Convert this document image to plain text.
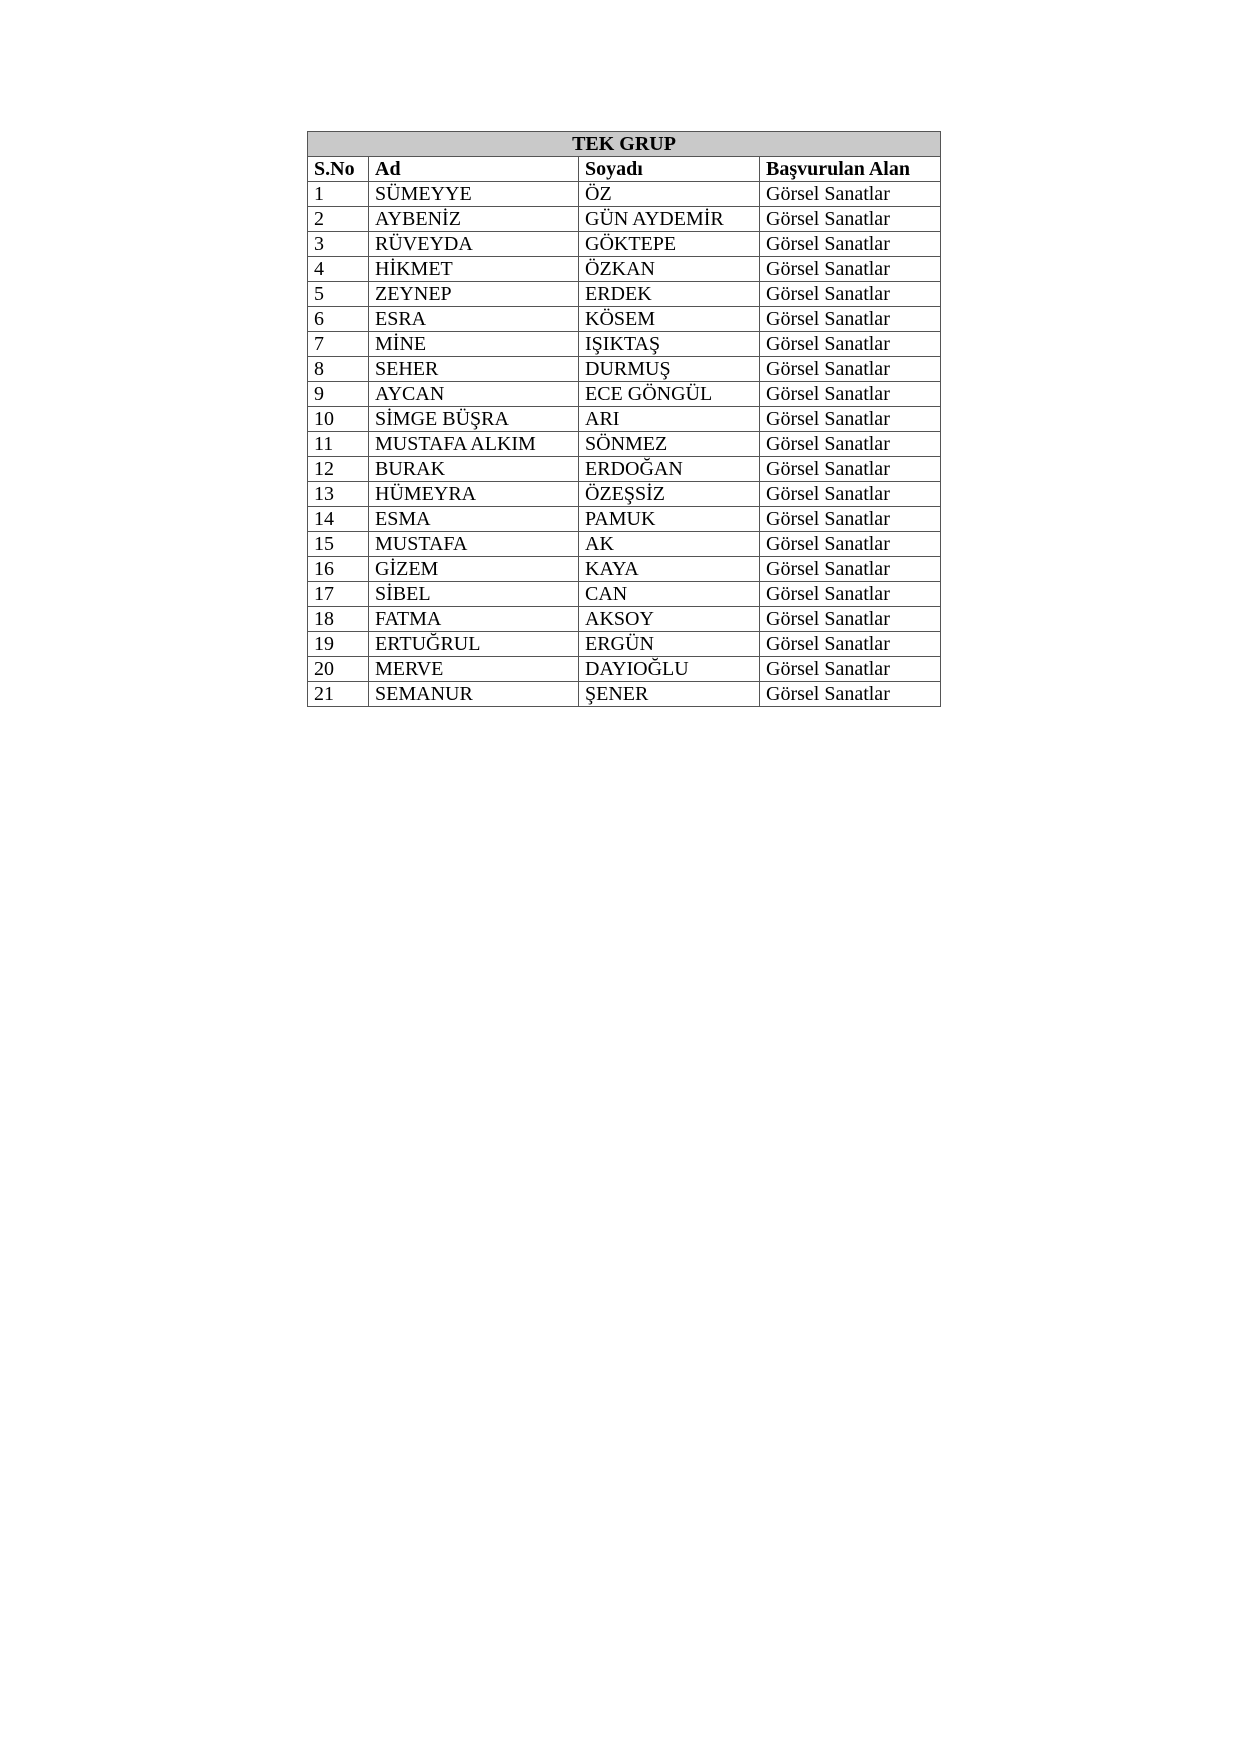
TEK GRUP			
S.No	Ad	Soyadı	Başvurulan Alan
1	SÜMEYYE	ÖZ	Görsel Sanatlar
2	AYBENİZ	GÜN AYDEMİR	Görsel Sanatlar
3	RÜVEYDA	GÖKTEPE	Görsel Sanatlar
4	HİKMET	ÖZKAN	Görsel Sanatlar
5	ZEYNEP	ERDEK	Görsel Sanatlar
6	ESRA	KÖSEM	Görsel Sanatlar
7	MİNE	IŞIKTAŞ	Görsel Sanatlar
8	SEHER	DURMUŞ	Görsel Sanatlar
9	AYCAN	ECE GÖNGÜL	Görsel Sanatlar
10	SİMGE BÜŞRA	ARI	Görsel Sanatlar
11	MUSTAFA ALKIM	SÖNMEZ	Görsel Sanatlar
12	BURAK	ERDOĞAN	Görsel Sanatlar
13	HÜMEYRA	ÖZEŞSİZ	Görsel Sanatlar
14	ESMA	PAMUK	Görsel Sanatlar
15	MUSTAFA	AK	Görsel Sanatlar
16	GİZEM	KAYA	Görsel Sanatlar
17	SİBEL	CAN	Görsel Sanatlar
18	FATMA	AKSOY	Görsel Sanatlar
19	ERTUĞRUL	ERGÜN	Görsel Sanatlar
20	MERVE	DAYIOĞLU	Görsel Sanatlar
21	SEMANUR	ŞENER	Görsel Sanatlar
